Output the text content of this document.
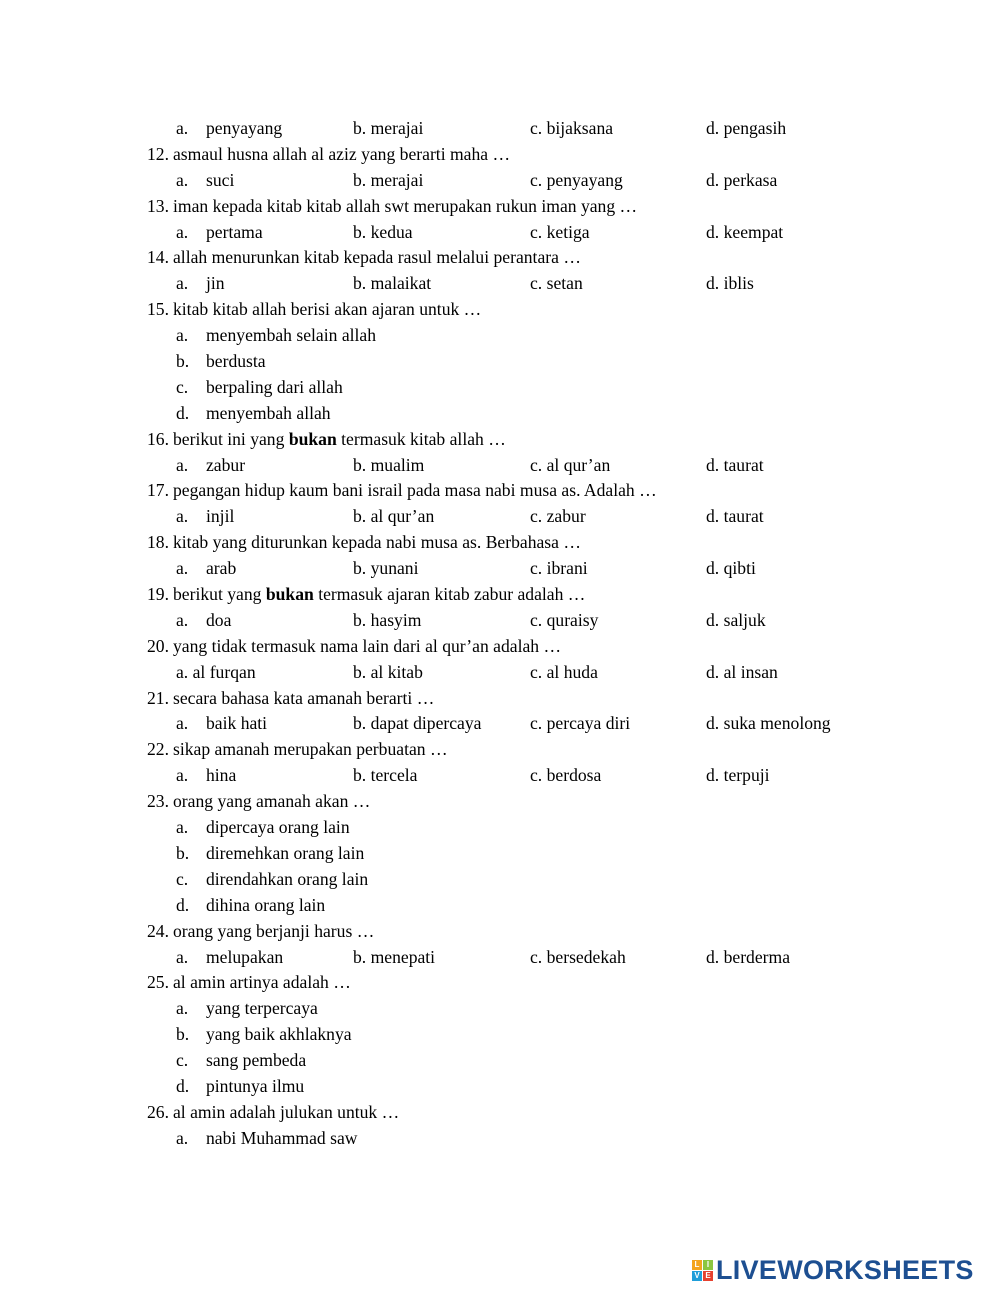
a. penyayang	b. merajai	c. bijaksana	d. pengasih
12. asmaul husna allah al aziz yang berarti maha …
a. suci	b. merajai	c. penyayang	d. perkasa
13. iman kepada kitab kitab allah swt merupakan rukun iman yang …
a. pertama	b. kedua	c. ketiga	d. keempat
14. allah menurunkan kitab kepada rasul melalui perantara …
a. jin	b. malaikat	c. setan	d. iblis
15. kitab kitab allah berisi akan ajaran untuk …
a. menyembah selain allah
b. berdusta
c. berpaling dari allah
d. menyembah allah
16. berikut ini yang bukan termasuk kitab allah …
a. zabur	b. mualim	c. al qur’an	d. taurat
17. pegangan hidup kaum bani israil pada masa nabi musa as. Adalah …
a. injil	b. al qur’an	c. zabur	d. taurat
18. kitab yang diturunkan kepada nabi musa as. Berbahasa …
a. arab	b. yunani	c. ibrani	d. qibti
19. berikut yang bukan termasuk ajaran kitab zabur adalah …
a. doa	b. hasyim	c. quraisy	d. saljuk
20. yang tidak termasuk nama lain dari al qur’an adalah …
a. al furqan	b. al kitab	c. al huda	d. al insan
21. secara bahasa kata amanah berarti …
a. baik hati	b. dapat dipercaya	c. percaya diri	d. suka menolong
22. sikap amanah merupakan perbuatan …
a. hina	b. tercela	c. berdosa	d. terpuji
23. orang yang amanah akan …
a. dipercaya orang lain
b. diremehkan orang lain
c. direndahkan orang lain
d. dihina orang lain
24. orang yang berjanji harus …
a. melupakan	b. menepati	c. bersedekah	d. berderma
25. al amin artinya adalah …
a. yang terpercaya
b. yang baik akhlaknya
c. sang pembeda
d. pintunya ilmu
26. al amin adalah julukan untuk …
a. nabi Muhammad saw
L I
V E LIVEWORKSHEETS
